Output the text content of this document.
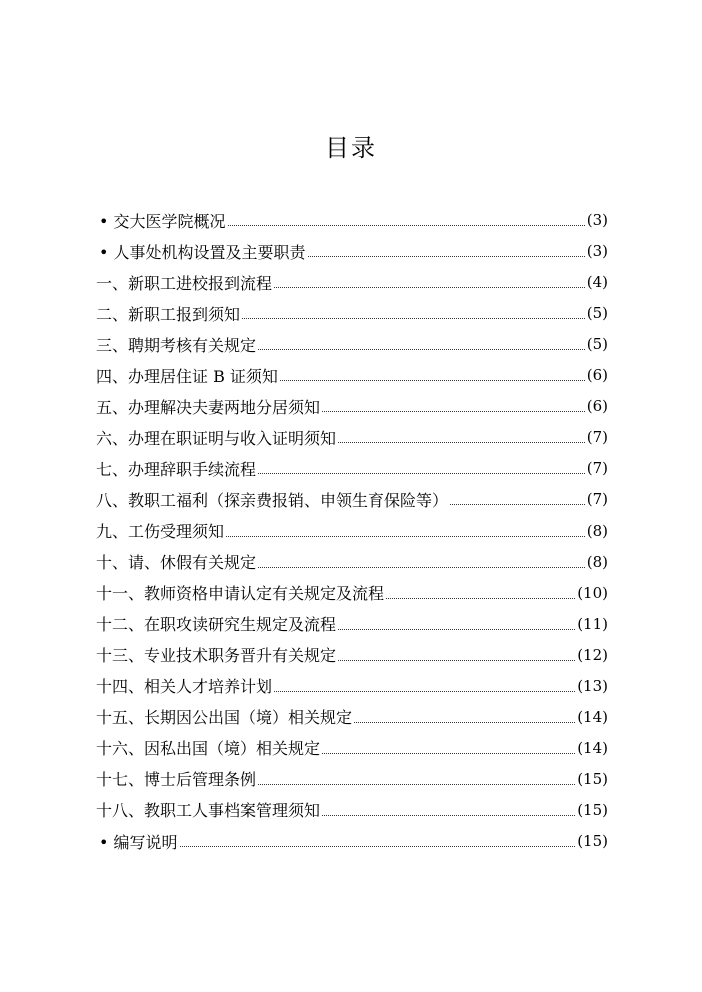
目录
• 交大医学院概况	(3)
• 人事处机构设置及主要职责	(3)
一、新职工进校报到流程	(4)
二、新职工报到须知	(5)
三、聘期考核有关规定	(5)
四、办理居住证 B 证须知	(6)
五、办理解决夫妻两地分居须知	(6)
六、办理在职证明与收入证明须知	(7)
七、办理辞职手续流程	(7)
八、教职工福利（探亲费报销、申领生育保险等）	(7)
九、工伤受理须知	(8)
十、请、休假有关规定	(8)
十一、教师资格申请认定有关规定及流程	(10)
十二、在职攻读研究生规定及流程	(11)
十三、专业技术职务晋升有关规定	(12)
十四、相关人才培养计划	(13)
十五、长期因公出国（境）相关规定	(14)
十六、因私出国（境）相关规定	(14)
十七、博士后管理条例	(15)
十八、教职工人事档案管理须知	(15)
• 编写说明	(15)
